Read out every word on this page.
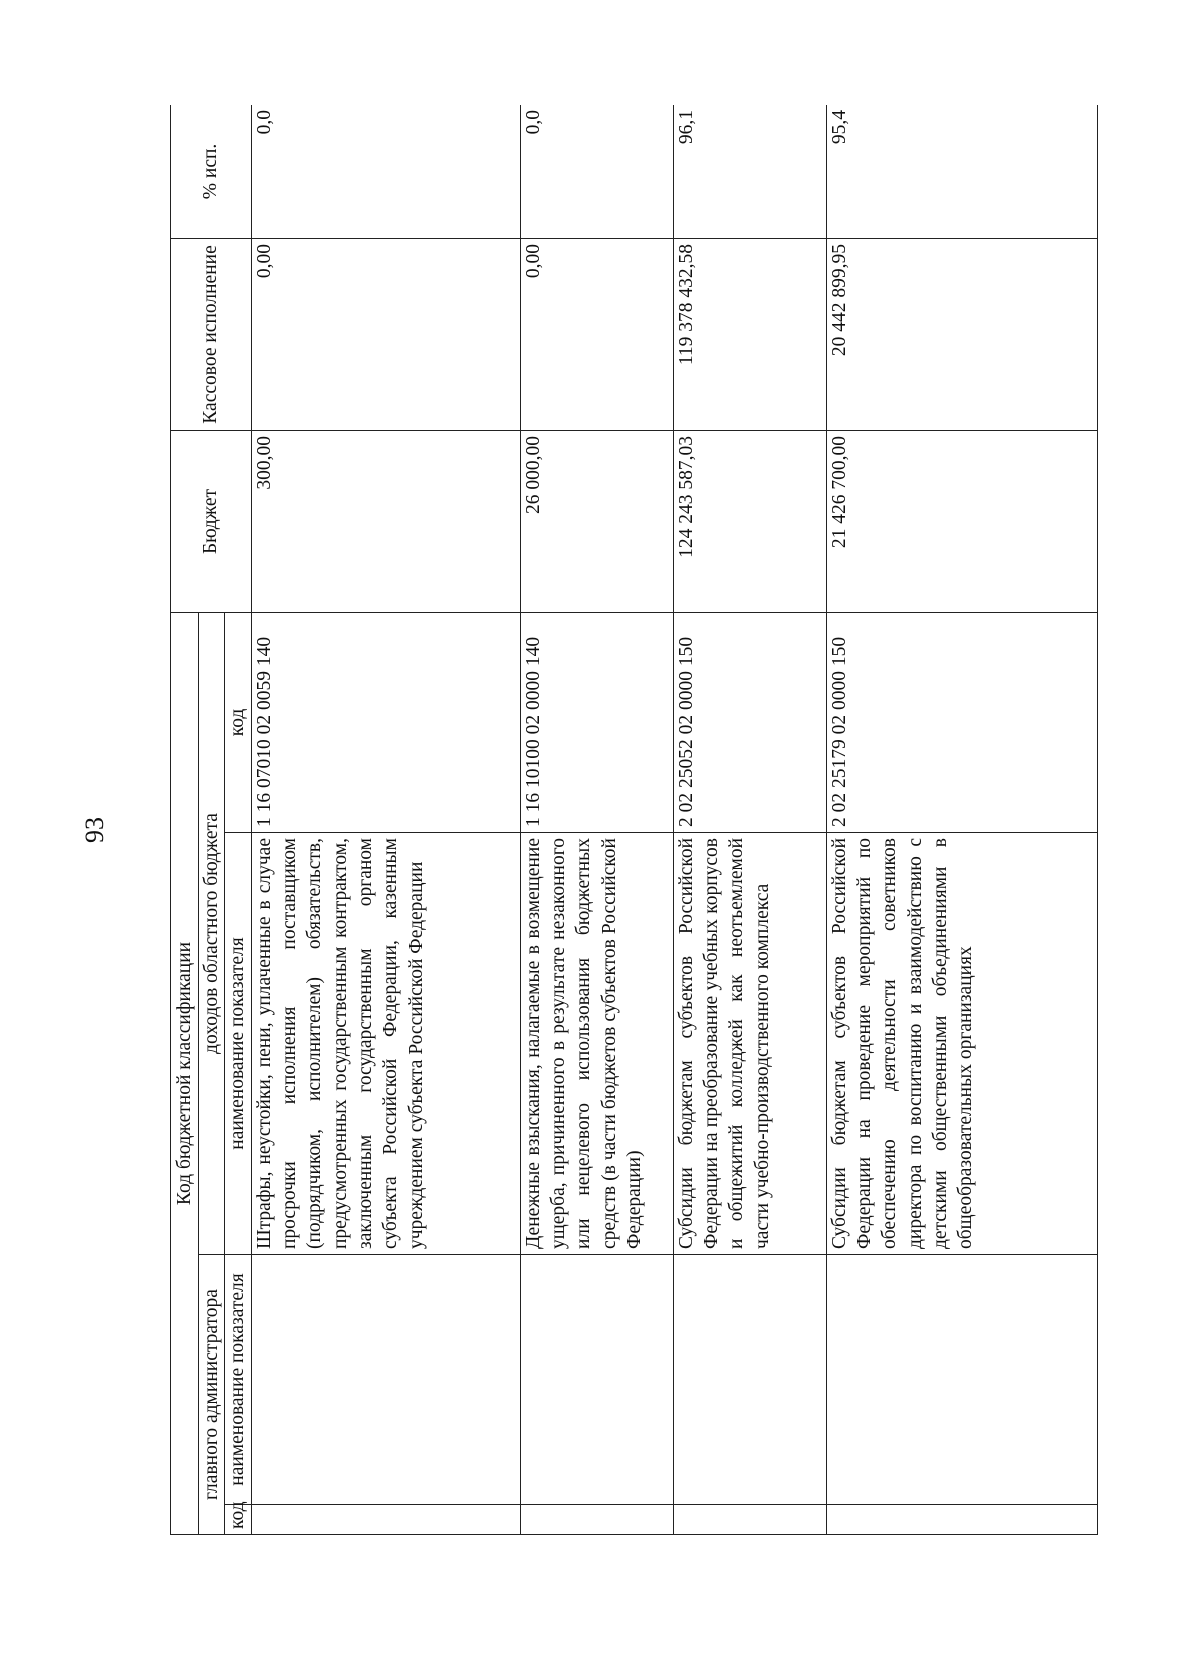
93
Код бюджетной классификации				Бюджет	Кассовое исполнение	% исп.
главного администратора		доходов областного бюджета				
код	наименование показателя	наименование показателя	код			
		Штрафы, неустойки, пени, уплаченные в случае просрочки исполнения поставщиком (подрядчиком, исполнителем) обязательств, предусмотренных государственным контрактом, заключенным государственным органом субъекта Российской Федерации, казенным учреждением субъекта Российской Федерации	1 16 07010 02 0059 140	300,00	0,00	0,0
		Денежные взыскания, налагаемые в возмещение ущерба, причиненного в результате незаконного или нецелевого использования бюджетных средств (в части бюджетов субъектов Российской Федерации)	1 16 10100 02 0000 140	26 000,00	0,00	0,0
		Субсидии бюджетам субъектов Российской Федерации на преобразование учебных корпусов и общежитий колледжей как неотъемлемой части учебно-производственного комплекса	2 02 25052 02 0000 150	124 243 587,03	119 378 432,58	96,1
		Субсидии бюджетам субъектов Российской Федерации на проведение мероприятий по обеспечению деятельности советников директора по воспитанию и взаимодействию с детскими общественными объединениями в общеобразовательных организациях	2 02 25179 02 0000 150	21 426 700,00	20 442 899,95	95,4
